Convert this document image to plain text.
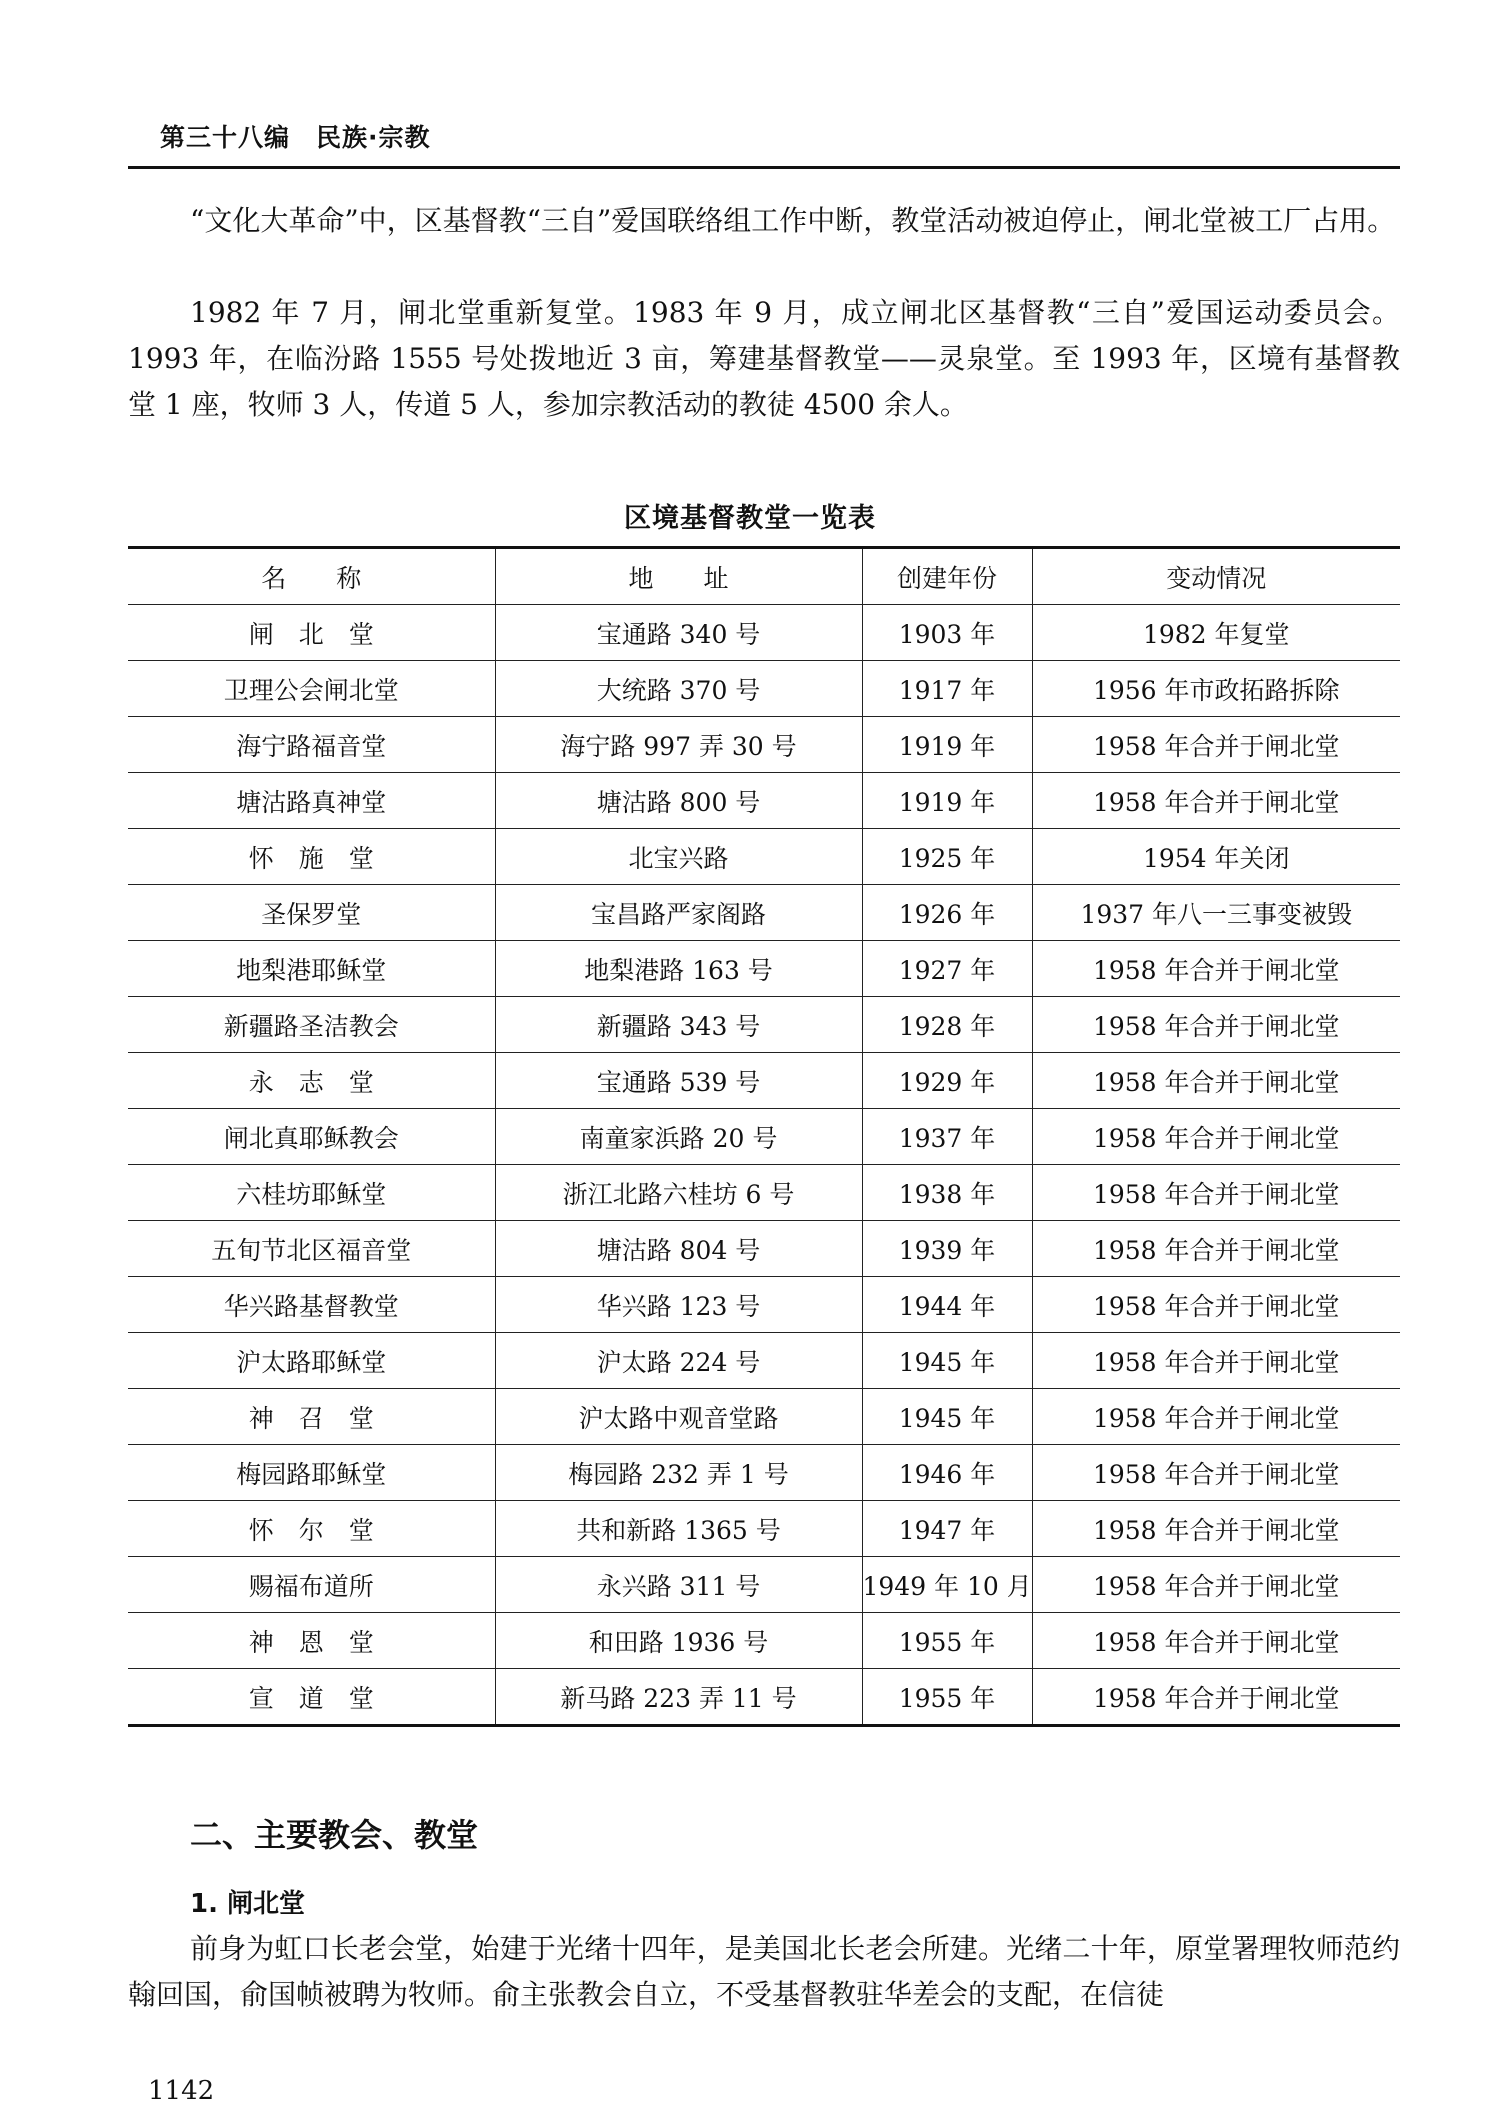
第三十八编　民族·宗教

“文化大革命”中，区基督教“三自”爱国联络组工作中断，教堂活动被迫停止，闸北堂被工厂占用。

1982 年 7 月，闸北堂重新复堂。1983 年 9 月，成立闸北区基督教“三自”爱国运动委员会。1993 年，在临汾路 1555 号处拨地近 3 亩，筹建基督教堂——灵泉堂。至 1993 年，区境有基督教堂 1 座，牧师 3 人，传道 5 人，参加宗教活动的教徒 4500 余人。

区境基督教堂一览表
名　　称	地　　址	创建年份	变动情况
闸　北　堂	宝通路 340 号	1903 年	1982 年复堂
卫理公会闸北堂	大统路 370 号	1917 年	1956 年市政拓路拆除
海宁路福音堂	海宁路 997 弄 30 号	1919 年	1958 年合并于闸北堂
塘沽路真神堂	塘沽路 800 号	1919 年	1958 年合并于闸北堂
怀　施　堂	北宝兴路	1925 年	1954 年关闭
圣保罗堂	宝昌路严家阁路	1926 年	1937 年八一三事变被毁
地梨港耶稣堂	地梨港路 163 号	1927 年	1958 年合并于闸北堂
新疆路圣洁教会	新疆路 343 号	1928 年	1958 年合并于闸北堂
永　志　堂	宝通路 539 号	1929 年	1958 年合并于闸北堂
闸北真耶稣教会	南童家浜路 20 号	1937 年	1958 年合并于闸北堂
六桂坊耶稣堂	浙江北路六桂坊 6 号	1938 年	1958 年合并于闸北堂
五旬节北区福音堂	塘沽路 804 号	1939 年	1958 年合并于闸北堂
华兴路基督教堂	华兴路 123 号	1944 年	1958 年合并于闸北堂
沪太路耶稣堂	沪太路 224 号	1945 年	1958 年合并于闸北堂
神　召　堂	沪太路中观音堂路	1945 年	1958 年合并于闸北堂
梅园路耶稣堂	梅园路 232 弄 1 号	1946 年	1958 年合并于闸北堂
怀　尔　堂	共和新路 1365 号	1947 年	1958 年合并于闸北堂
赐福布道所	永兴路 311 号	1949 年 10 月	1958 年合并于闸北堂
神　恩　堂	和田路 1936 号	1955 年	1958 年合并于闸北堂
宣　道　堂	新马路 223 弄 11 号	1955 年	1958 年合并于闸北堂
二、主要教会、教堂
1. 闸北堂

前身为虹口长老会堂，始建于光绪十四年，是美国北长老会所建。光绪二十年，原堂署理牧师范约翰回国，俞国帧被聘为牧师。俞主张教会自立，不受基督教驻华差会的支配，在信徒

1142
